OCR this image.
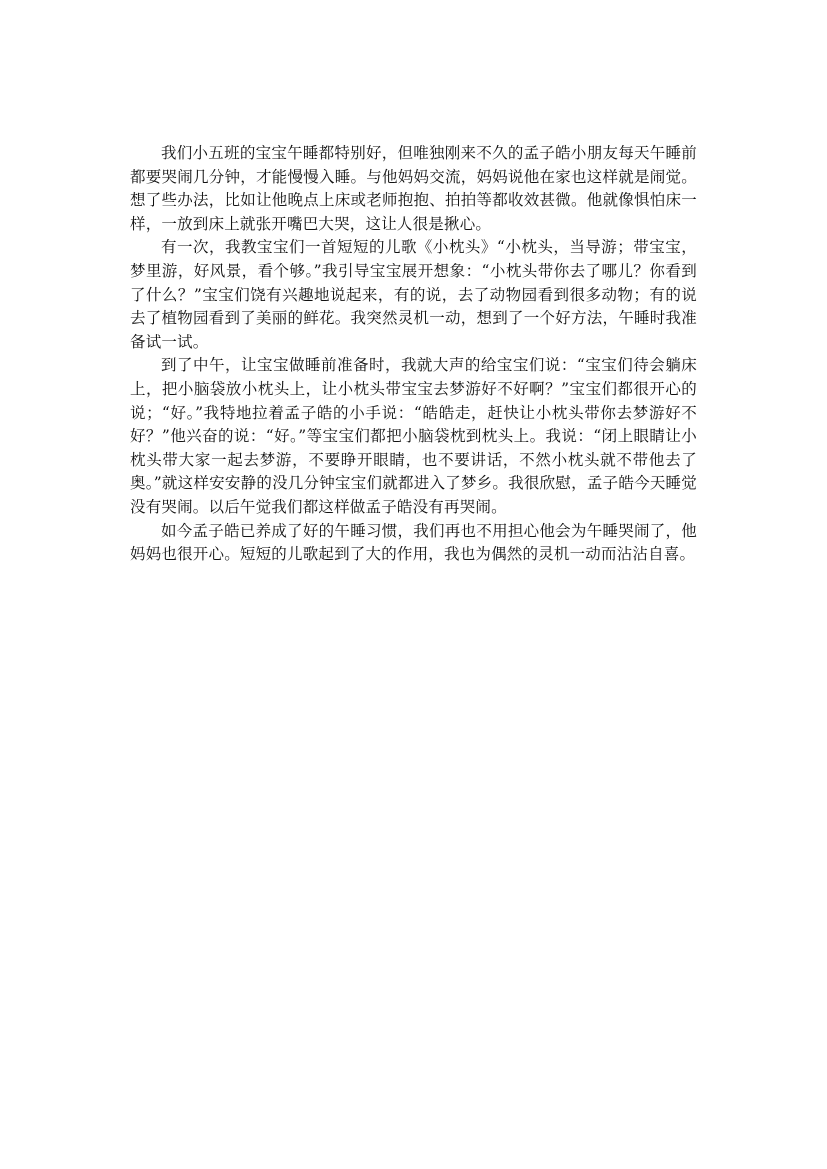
我们小五班的宝宝午睡都特别好，但唯独刚来不久的孟子皓小朋友每天午睡前都要哭闹几分钟，才能慢慢入睡。与他妈妈交流，妈妈说他在家也这样就是闹觉。想了些办法，比如让他晚点上床或老师抱抱、拍拍等都收效甚微。他就像惧怕床一样，一放到床上就张开嘴巴大哭，这让人很是揪心。

有一次，我教宝宝们一首短短的儿歌《小枕头》“小枕头，当导游；带宝宝，梦里游，好风景，看个够。”我引导宝宝展开想象：“小枕头带你去了哪儿？你看到了什么？”宝宝们饶有兴趣地说起来，有的说，去了动物园看到很多动物；有的说去了植物园看到了美丽的鲜花。我突然灵机一动，想到了一个好方法，午睡时我准备试一试。

到了中午，让宝宝做睡前准备时，我就大声的给宝宝们说：“宝宝们待会躺床上，把小脑袋放小枕头上，让小枕头带宝宝去梦游好不好啊？”宝宝们都很开心的说；“好。”我特地拉着孟子皓的小手说：“皓皓走，赶快让小枕头带你去梦游好不好？”他兴奋的说：“好。”等宝宝们都把小脑袋枕到枕头上。我说：“闭上眼睛让小枕头带大家一起去梦游，不要睁开眼睛，也不要讲话，不然小枕头就不带他去了奥。”就这样安安静的没几分钟宝宝们就都进入了梦乡。我很欣慰，孟子皓今天睡觉没有哭闹。以后午觉我们都这样做孟子皓没有再哭闹。

如今孟子皓已养成了好的午睡习惯，我们再也不用担心他会为午睡哭闹了，他妈妈也很开心。短短的儿歌起到了大的作用，我也为偶然的灵机一动而沾沾自喜。
